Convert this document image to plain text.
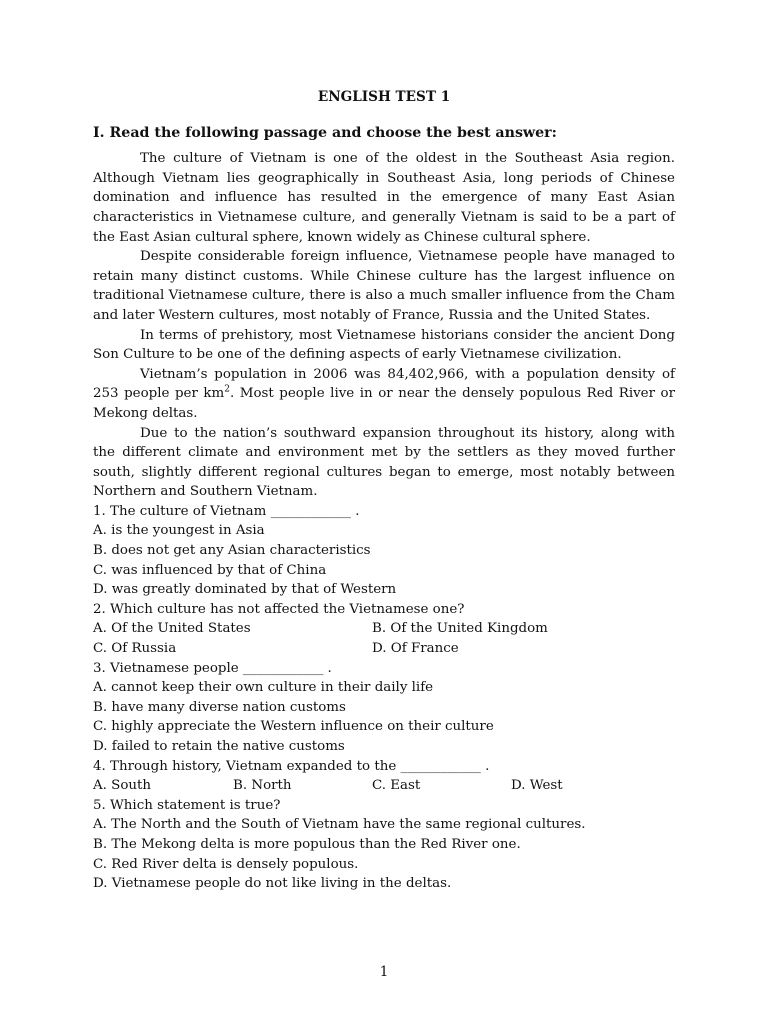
ENGLISH TEST 1

I. Read the following passage and choose the best answer:

The culture of Vietnam is one of the oldest in the Southeast Asia region. Although Vietnam lies geographically in Southeast Asia, long periods of Chinese domination and influence has resulted in the emergence of many East Asian characteristics in Vietnamese culture, and generally Vietnam is said to be a part of the East Asian cultural sphere, known widely as Chinese cultural sphere.

Despite considerable foreign influence, Vietnamese people have managed to retain many distinct customs. While Chinese culture has the largest influence on traditional Vietnamese culture, there is also a much smaller influence from the Cham and later Western cultures, most notably of France, Russia and the United States.

In terms of prehistory, most Vietnamese historians consider the ancient Dong Son Culture to be one of the defining aspects of early Vietnamese civilization.

Vietnam’s population in 2006 was 84,402,966, with a population density of 253 people per $km^2$. Most people live in or near the densely populous Red River or Mekong deltas.

Due to the nation’s southward expansion throughout its history, along with the different climate and environment met by the settlers as they moved further south, slightly different regional cultures began to emerge, most notably between Northern and Southern Vietnam.

1. The culture of Vietnam ____________ .

A. is the youngest in Asia

B. does not get any Asian characteristics

C. was influenced by that of China

D. was greatly dominated by that of Western

2. Which culture has not affected the Vietnamese one?

A. Of the United States	B. Of the United Kingdom

C. Of Russia	D. Of France

3. Vietnamese people ____________ .

A. cannot keep their own culture in their daily life

B. have many diverse nation customs

C. highly appreciate the Western influence on their culture

D. failed to retain the native customs

4. Through history, Vietnam expanded to the ____________ .

A. South	B. North	C. East	D. West

5. Which statement is true?

A. The North and the South of Vietnam have the same regional cultures.

B. The Mekong delta is more populous than the Red River one.

C. Red River delta is densely populous.

D. Vietnamese people do not like living in the deltas.

1
